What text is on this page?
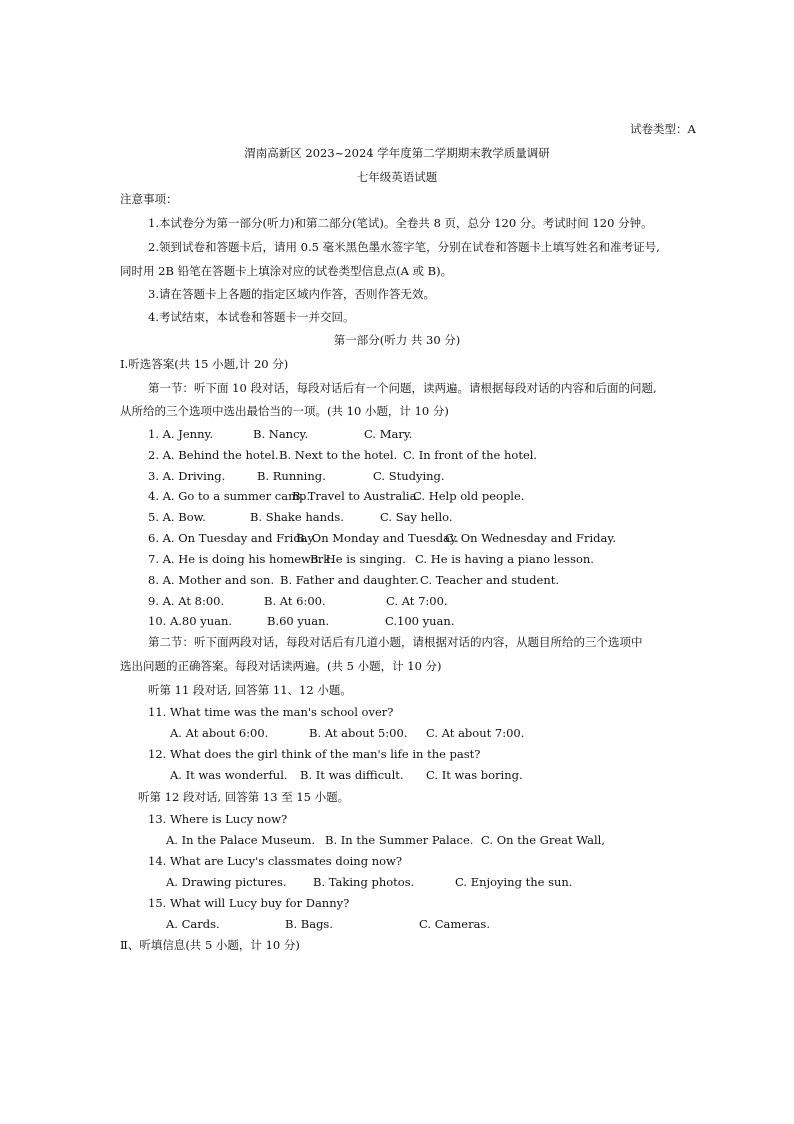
试卷类型：A
渭南高新区 2023~2024 学年度第二学期期末教学质量调研
七年级英语试题
注意事项：
1.本试卷分为第一部分(听力)和第二部分(笔试)。全卷共 8 页，总分 120 分。考试时间 120 分钟。
2.领到试卷和答题卡后，请用 0.5 毫米黑色墨水签字笔，分别在试卷和答题卡上填写姓名和准考证号,
同时用 2B 铅笔在答题卡上填涂对应的试卷类型信息点(A 或 B)。
3.请在答题卡上各题的指定区域内作答，否则作答无效。
4.考试结束，本试卷和答题卡一并交回。
第一部分(听力 共 30 分)
Ⅰ.听选答案(共 15 小题,计 20 分)
第一节：听下面 10 段对话，每段对话后有一个问题，读两遍。请根据每段对话的内容和后面的问题,
从所给的三个选项中选出最恰当的一项。(共 10 小题，计 10 分)
1. A. Jenny.	B. Nancy.	C. Mary.
2. A. Behind the hotel. B. Next to the hotel. C. In front of the hotel.
3. A. Driving.	B. Running.	C. Studying.
4. A. Go to a summer camp.
B. Travel to Australia.
C. Help old people.
5. A. Bow.	B. Shake hands.	C. Say hello.
6. A. On Tuesday and Friday.
B. On Monday and Tuesday.
C. On Wednesday and Friday.
7. A. He is doing his homework.
B. He is singing. C. He is having a piano lesson.
8. A. Mother and son. B. Father and daughter. C. Teacher and student.
9. A. At 8:00.	B. At 6:00.	C. At 7:00.
10. A.80 yuan.	B.60 yuan.	C.100 yuan.
第二节：听下面两段对话，每段对话后有几道小题，请根据对话的内容，从题目所给的三个选项中
选出问题的正确答案。每段对话读两遍。(共 5 小题，计 10 分)
听第 11 段对话, 回答第 11、12 小题。
11. What time was the man's school over?
A. At about 6:00.	B. At about 5:00. C. At about 7:00.
12. What does the girl think of the man's life in the past?
A. It was wonderful. B. It was difficult. C. It was boring.
听第 12 段对话, 回答第 13 至 15 小题。
13. Where is Lucy now?
A. In the Palace Museum. B. In the Summer Palace. C. On the Great Wall,
14. What are Lucy's classmates doing now?
A. Drawing pictures. B. Taking photos.	C. Enjoying the sun.
15. What will Lucy buy for Danny?
A. Cards.	B. Bags.	C. Cameras.
Ⅱ、听填信息(共 5 小题，计 10 分)
